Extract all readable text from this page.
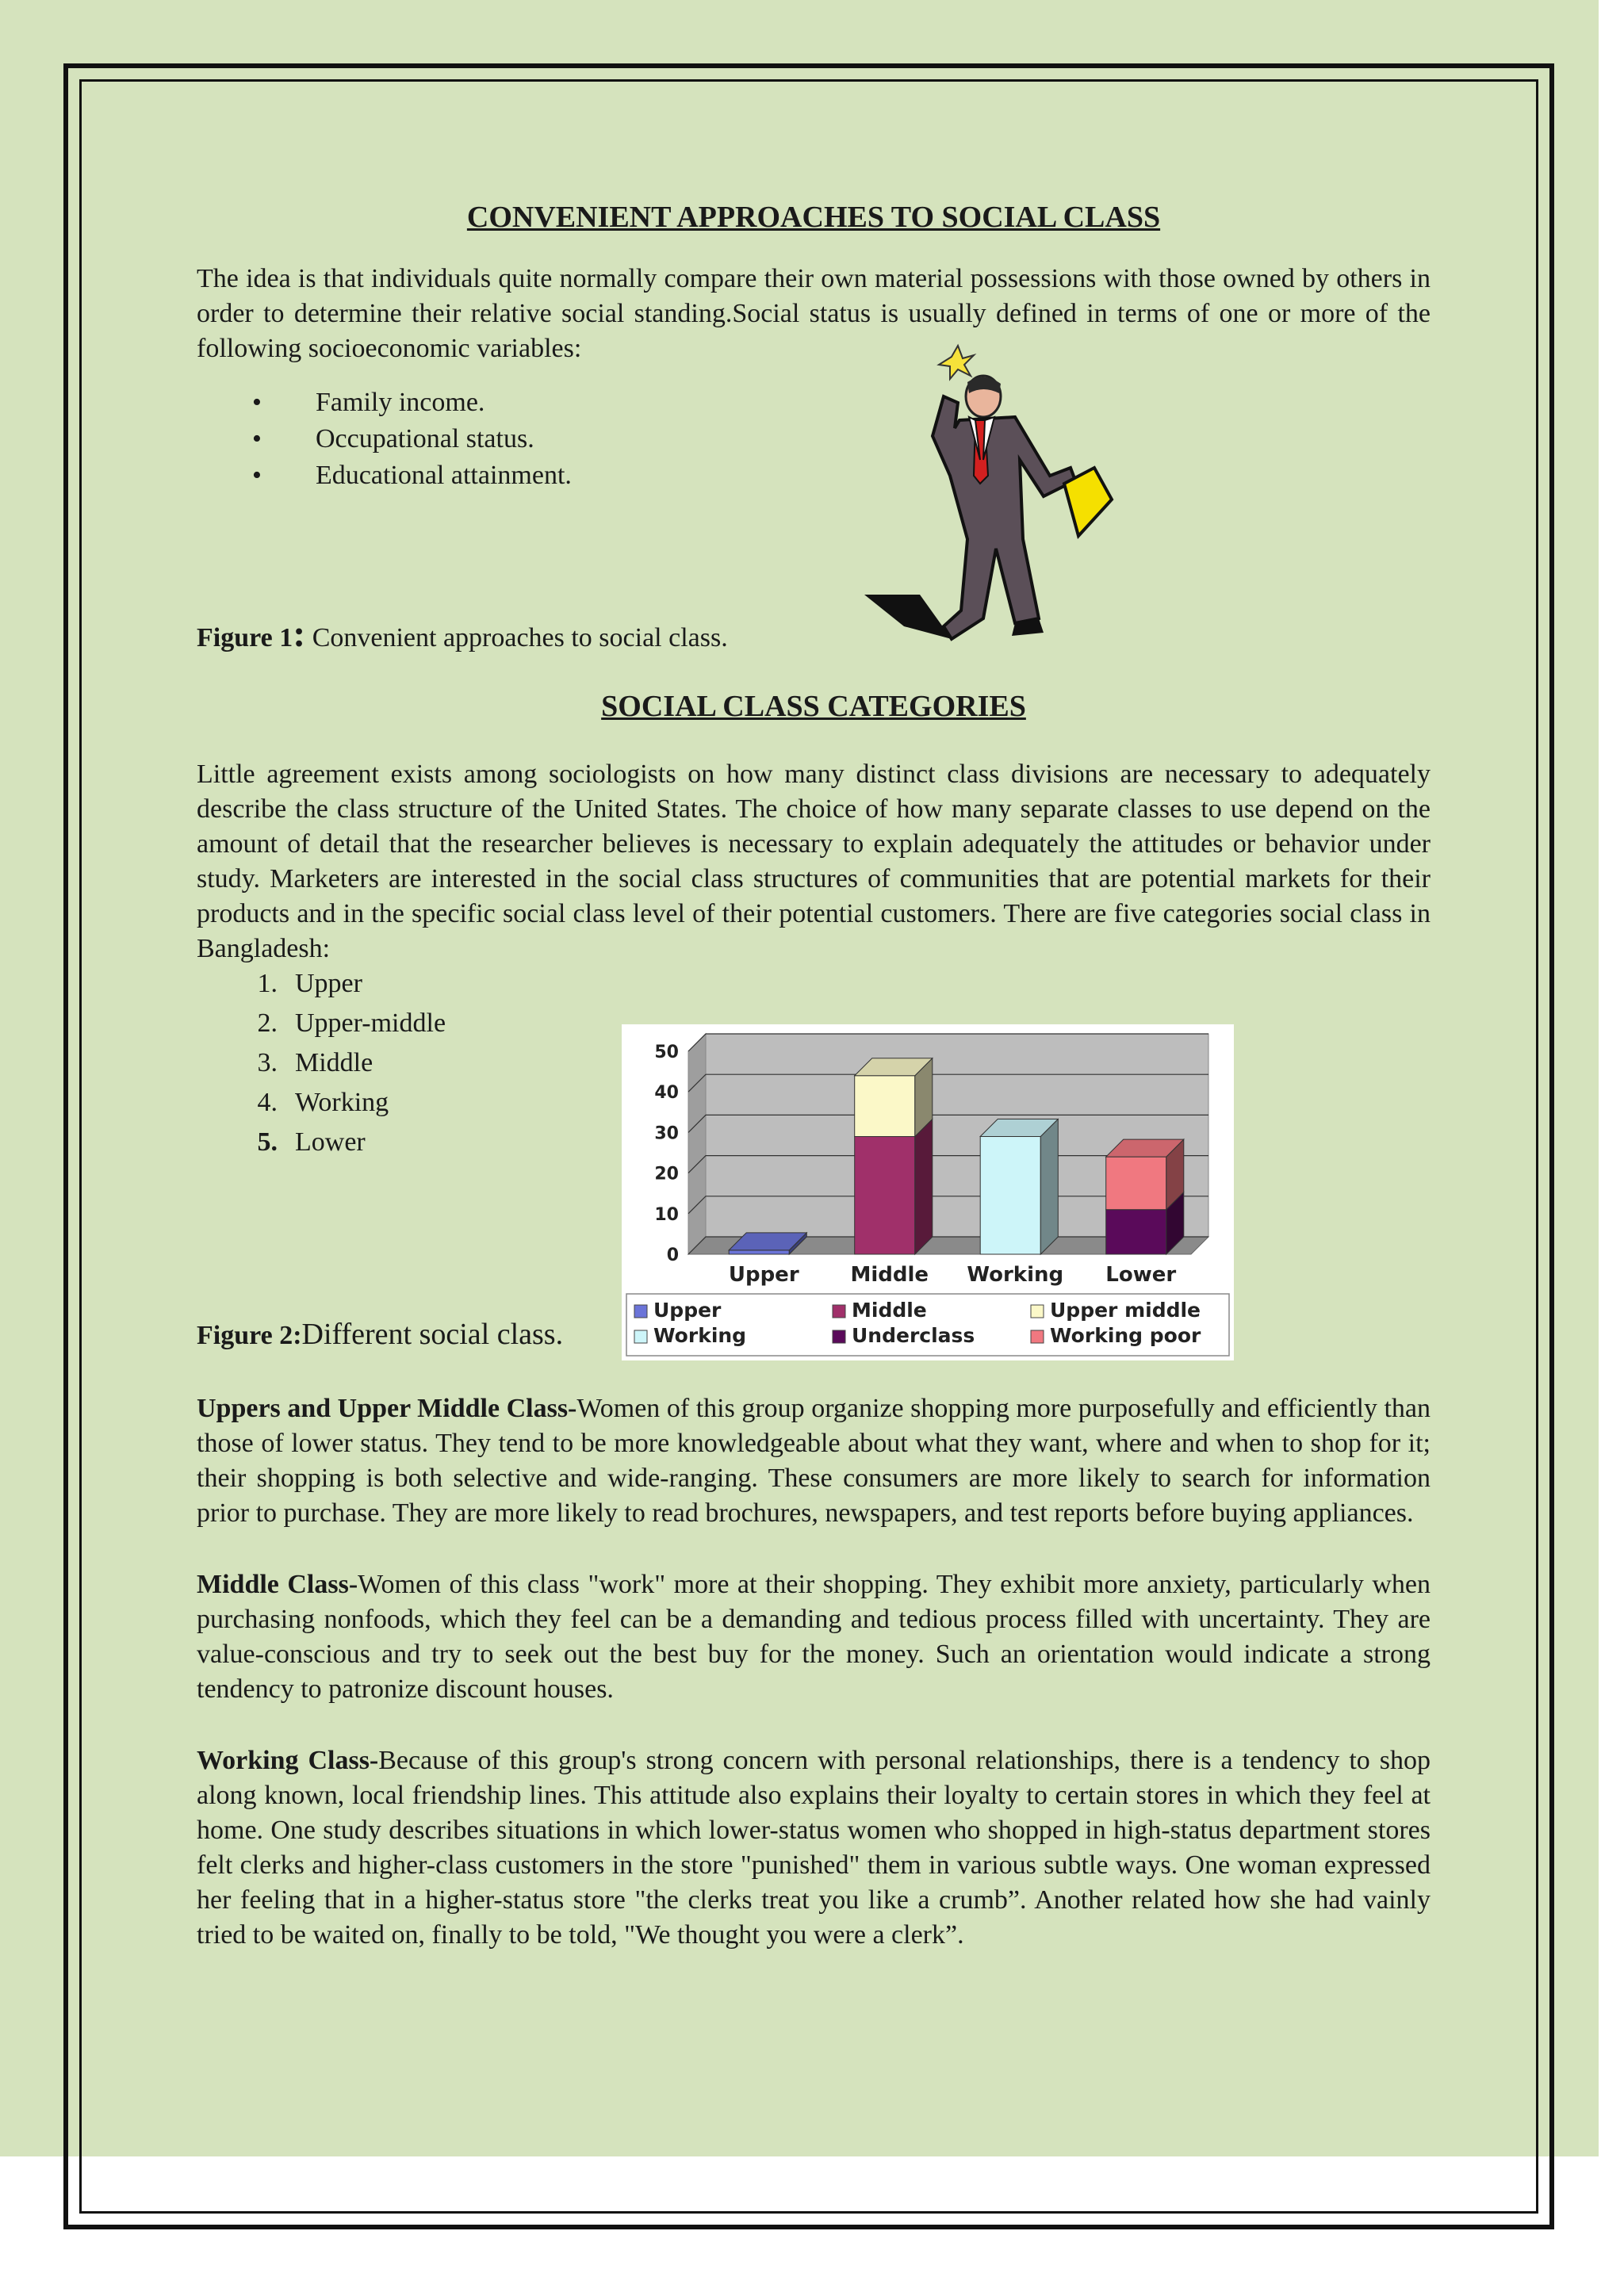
CONVENIENT APPROACHES TO SOCIAL CLASS

The idea is that individuals quite normally compare their own material possessions with those owned by others in order to determine their relative social standing.Social status is usually defined in terms of one or more of the following socioeconomic variables:

• Family income.
• Occupational status.
• Educational attainment.

Figure 1: Convenient approaches to social class.

SOCIAL CLASS CATEGORIES

Little agreement exists among sociologists on how many distinct class divisions are necessary to adequately describe the class structure of the United States. The choice of how many separate classes to use depend on the amount of detail that the researcher believes is necessary to explain adequately the attitudes or behavior under study. Marketers are interested in the social class structures of communities that are potential markets for their products and in the specific social class level of their potential customers. There are five categories social class in Bangladesh:

1. Upper
2. Upper-middle
3. Middle
4. Working
5. Lower

Figure 2:Different social class.

Uppers and Upper Middle Class-Women of this group organize shopping more purposefully and efficiently than those of lower status. They tend to be more knowledgeable about what they want, where and when to shop for it; their shopping is both selective and wide-ranging. These consumers are more likely to search for information prior to purchase. They are more likely to read brochures, newspapers, and test reports before buying appliances.

Middle Class-Women of this class "work" more at their shopping. They exhibit more anxiety, particularly when purchasing nonfoods, which they feel can be a demanding and tedious process filled with uncertainty. They are value-conscious and try to seek out the best buy for the money. Such an orientation would indicate a strong tendency to patronize discount houses.

Working Class-Because of this group's strong concern with personal relationships, there is a tendency to shop along known, local friendship lines. This attitude also explains their loyalty to certain stores in which they feel at home. One study describes situations in which lower-status women who shopped in high-status department stores felt clerks and higher-class customers in the store "punished" them in various subtle ways. One woman expressed her feeling that in a higher-status store "the clerks treat you like a crumb”. Another related how she had vainly tried to be waited on, finally to be told, "We thought you were a clerk”.

0
10
20
30
40
50
Upper Middle Working Lower
Upper	Middle	Upper middle
Working	Underclass	Working poor
